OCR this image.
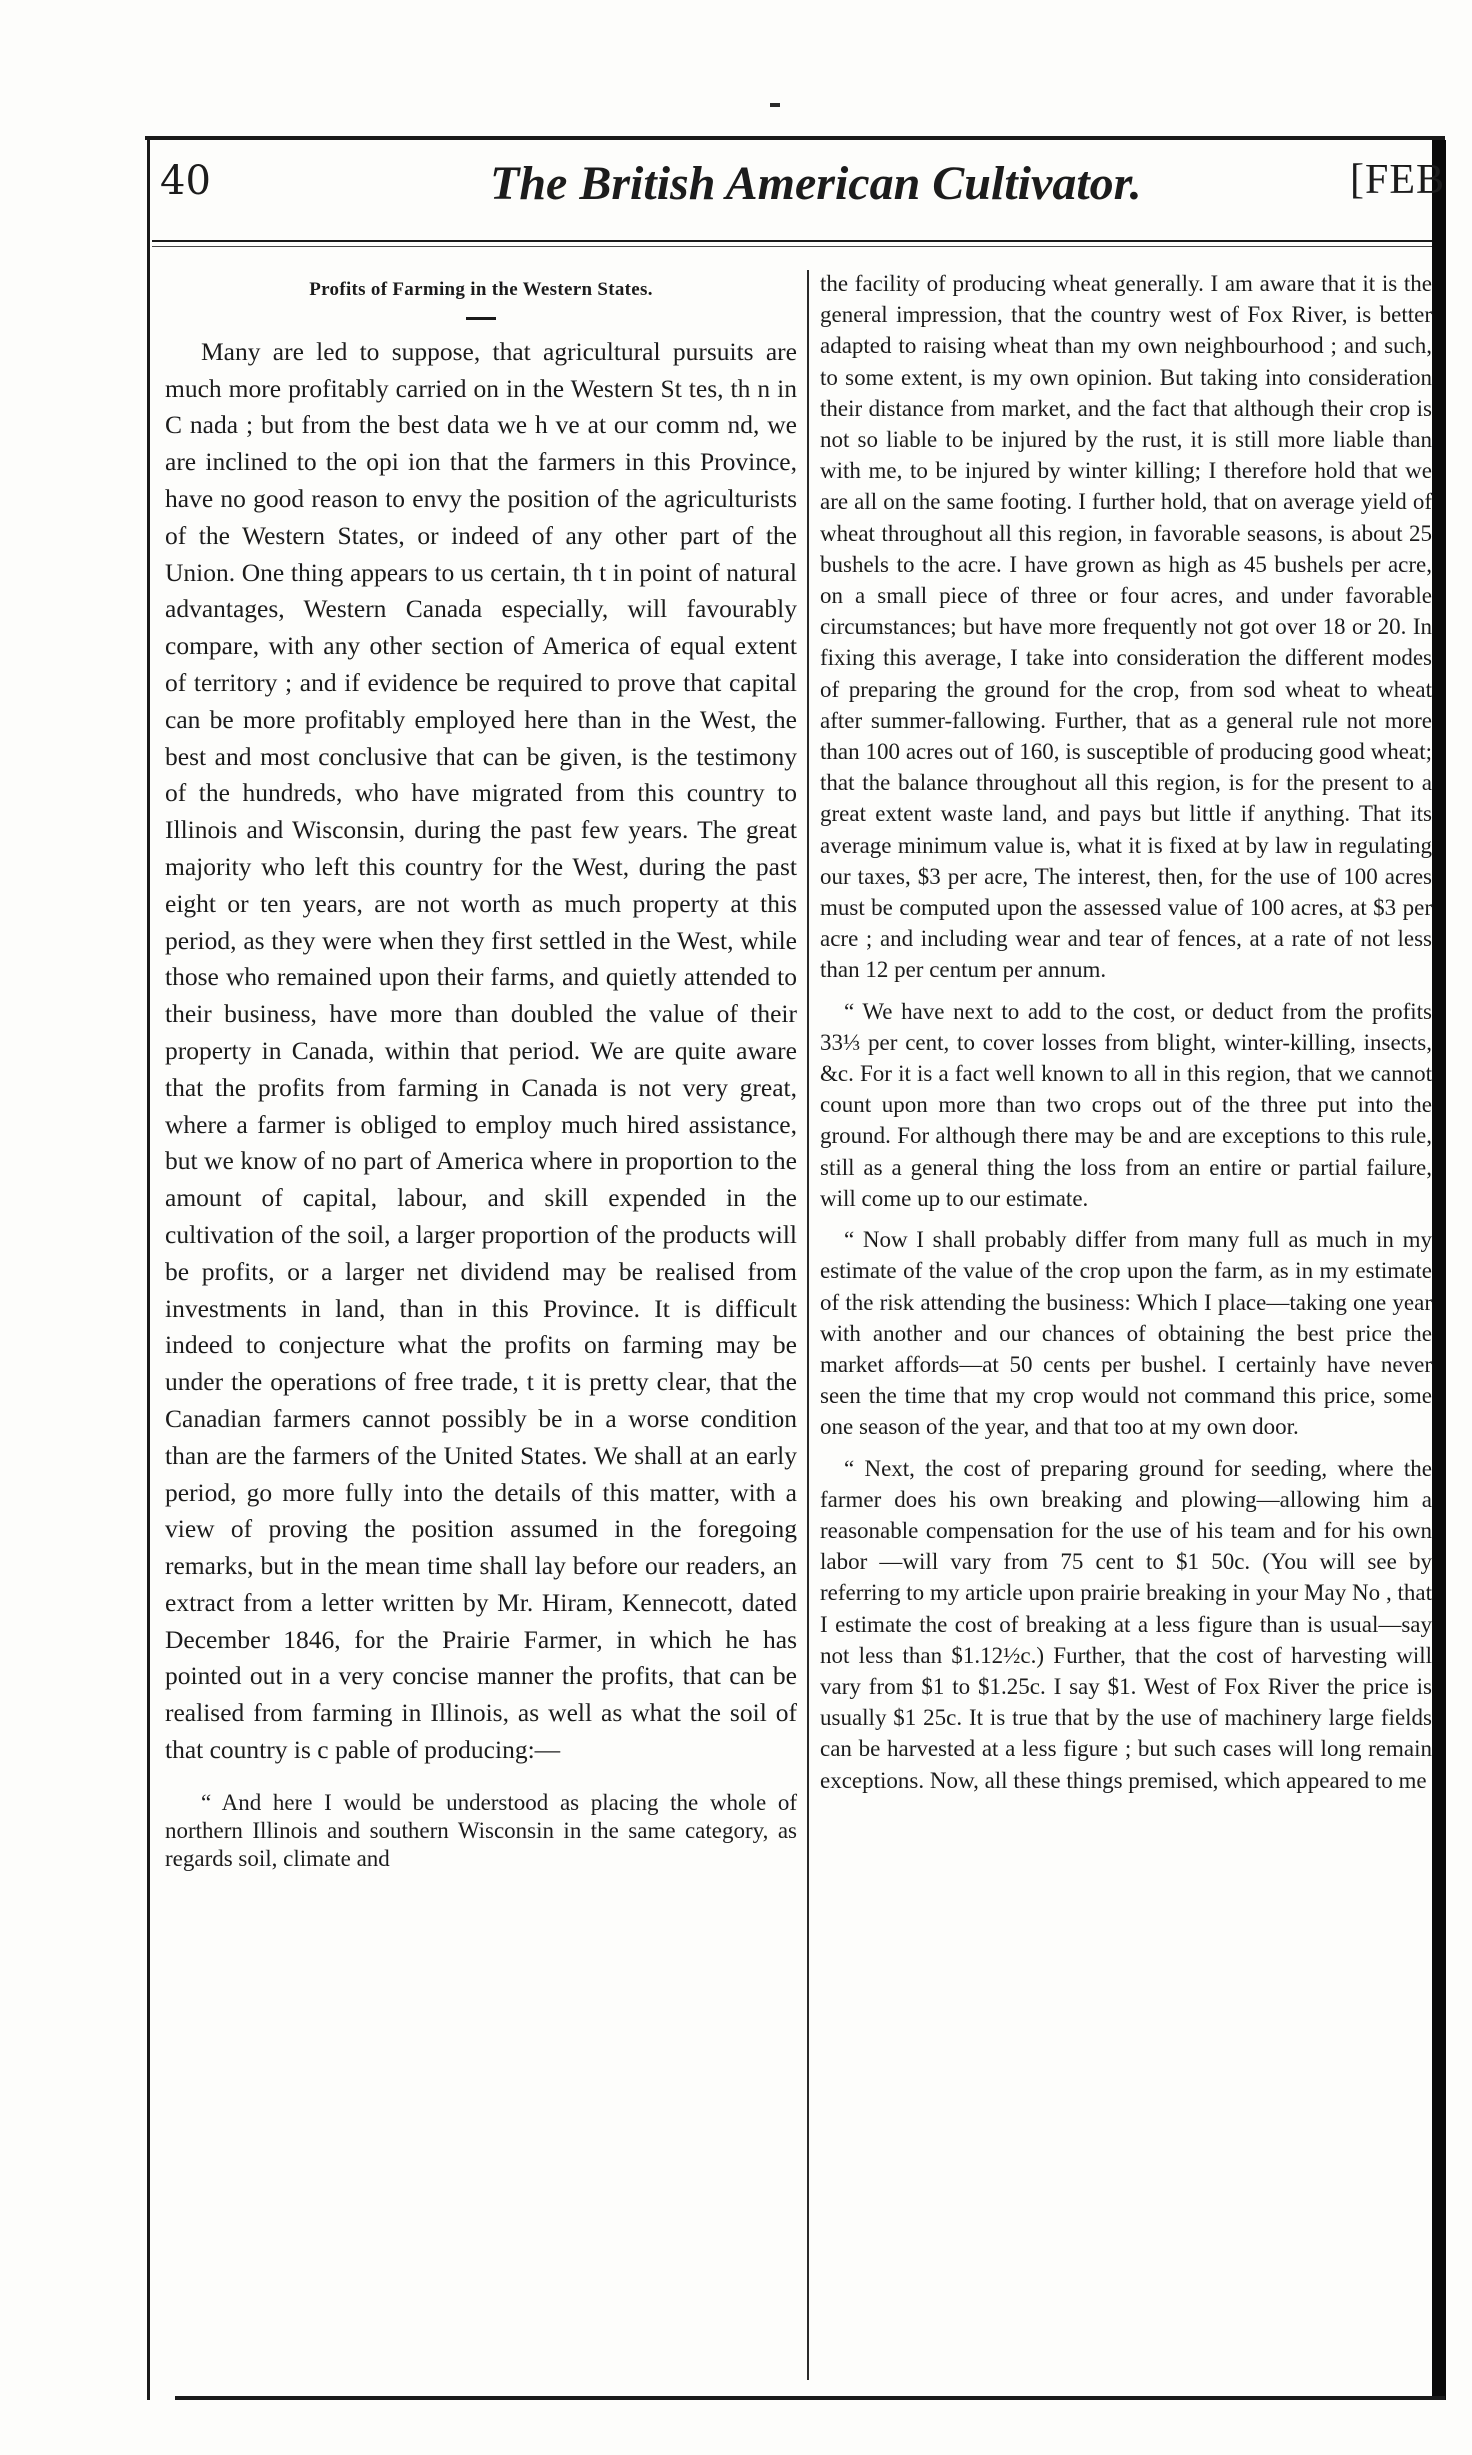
40	The British American Cultivator.	[FEB
Profits of Farming in the Western States.

Many are led to suppose, that agricultural pursuits are much more profitably carried on in the Western St tes, th n in C nada ; but from the best data we h ve at our comm nd, we are inclined to the opi ion that the farmers in this Province, have no good reason to envy the position of the agriculturists of the Western States, or indeed of any other part of the Union. One thing appears to us certain, th t in point of natural advantages, Western Canada especially, will favourably compare, with any other section of America of equal extent of territory ; and if evidence be required to prove that capital can be more profitably employed here than in the West, the best and most conclusive that can be given, is the testimony of the hundreds, who have migrated from this country to Illinois and Wisconsin, during the past few years. The great majority who left this country for the West, during the past eight or ten years, are not worth as much property at this period, as they were when they first settled in the West, while those who remained upon their farms, and quietly attended to their business, have more than doubled the value of their property in Canada, within that period. We are quite aware that the profits from farming in Canada is not very great, where a farmer is obliged to employ much hired assistance, but we know of no part of America where in proportion to the amount of capital, labour, and skill expended in the cultivation of the soil, a larger proportion of the products will be profits, or a larger net dividend may be realised from investments in land, than in this Province. It is difficult indeed to conjecture what the profits on farming may be under the operations of free trade, t it is pretty clear, that the Canadian farmers cannot possibly be in a worse condition than are the farmers of the United States. We shall at an early period, go more fully into the details of this matter, with a view of proving the position assumed in the foregoing remarks, but in the mean time shall lay before our readers, an extract from a letter written by Mr. Hiram, Kennecott, dated December 1846, for the Prairie Farmer, in which he has pointed out in a very concise manner the profits, that can be realised from farming in Illinois, as well as what the soil of that country is c pable of producing:—

“ And here I would be understood as placing the whole of northern Illinois and southern Wisconsin in the same category, as regards soil, climate and

the facility of producing wheat generally. I am aware that it is the general impression, that the country west of Fox River, is better adapted to raising wheat than my own neighbourhood ; and such, to some extent, is my own opinion. But taking into consideration their distance from market, and the fact that although their crop is not so liable to be injured by the rust, it is still more liable than with me, to be injured by winter killing; I therefore hold that we are all on the same footing. I further hold, that on average yield of wheat throughout all this region, in favorable seasons, is about 25 bushels to the acre. I have grown as high as 45 bushels per acre, on a small piece of three or four acres, and under favorable circumstances; but have more frequently not got over 18 or 20. In fixing this average, I take into consideration the different modes of preparing the ground for the crop, from sod wheat to wheat after summer-fallowing. Further, that as a general rule not more than 100 acres out of 160, is susceptible of producing good wheat; that the balance throughout all this region, is for the present to a great extent waste land, and pays but little if anything. That its average minimum value is, what it is fixed at by law in regulating our taxes, $3 per acre, The interest, then, for the use of 100 acres must be computed upon the assessed value of 100 acres, at $3 per acre ; and including wear and tear of fences, at a rate of not less than 12 per centum per annum.

“ We have next to add to the cost, or deduct from the profits 33⅓ per cent, to cover losses from blight, winter-killing, insects, &c. For it is a fact well known to all in this region, that we cannot count upon more than two crops out of the three put into the ground. For although there may be and are exceptions to this rule, still as a general thing the loss from an entire or partial failure, will come up to our estimate.

“ Now I shall probably differ from many full as much in my estimate of the value of the crop upon the farm, as in my estimate of the risk attending the business: Which I place—taking one year with another and our chances of obtaining the best price the market affords—at 50 cents per bushel. I certainly have never seen the time that my crop would not command this price, some one season of the year, and that too at my own door.

“ Next, the cost of preparing ground for seeding, where the farmer does his own breaking and plowing—allowing him a reasonable compensation for the use of his team and for his own labor —will vary from 75 cent to $1 50c. (You will see by referring to my article upon prairie breaking in your May No , that I estimate the cost of breaking at a less figure than is usual—say not less than $1.12½c.) Further, that the cost of harvesting will vary from $1 to $1.25c. I say $1. West of Fox River the price is usually $1 25c. It is true that by the use of machinery large fields can be harvested at a less figure ; but such cases will long remain exceptions. Now, all these things premised, which appeared to me
